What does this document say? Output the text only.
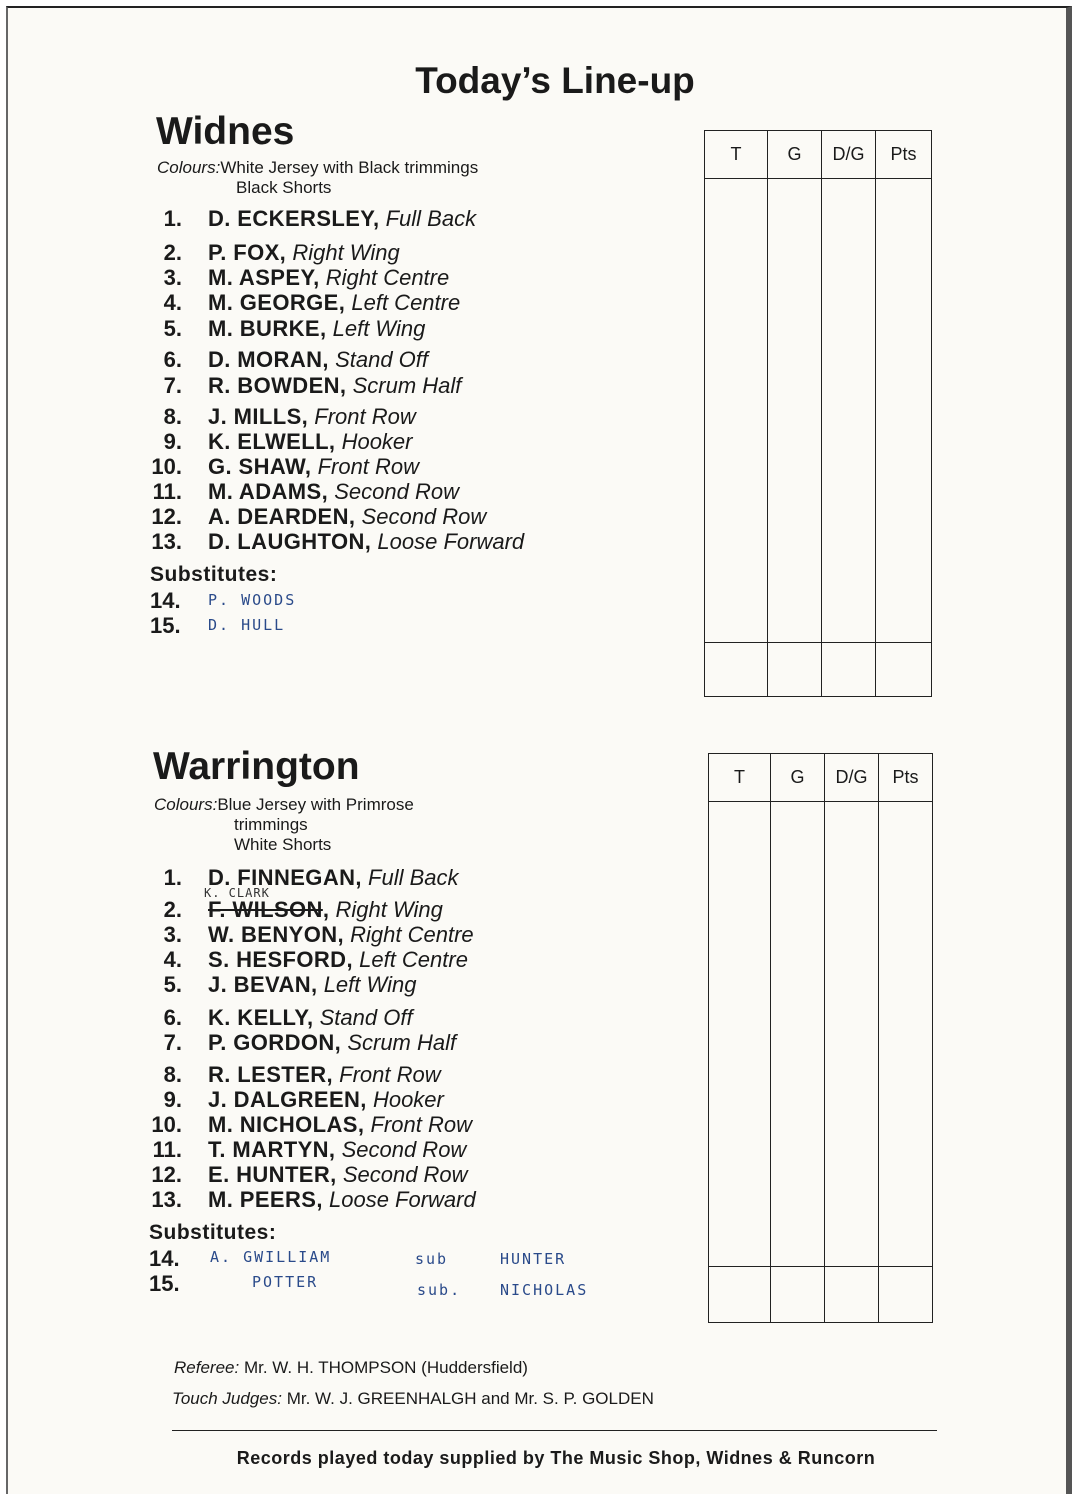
Today’s Line-up
Widnes
Colours:White Jersey with Black trimmings
Black Shorts
1. D. ECKERSLEY, Full Back
2. P. FOX, Right Wing
3. M. ASPEY, Right Centre
4. M. GEORGE, Left Centre
5. M. BURKE, Left Wing
6. D. MORAN, Stand Off
7. R. BOWDEN, Scrum Half
8. J. MILLS, Front Row
9. K. ELWELL, Hooker
10. G. SHAW, Front Row
11. M. ADAMS, Second Row
12. A. DEARDEN, Second Row
13. D. LAUGHTON, Loose Forward
Substitutes:
14. P. WOODS
15. D. HULL
T	G	D/G	Pts

Warrington
Colours:Blue Jersey with Primrose
trimmings
White Shorts
1. D. FINNEGAN, Full Back
2. F. WILSON, Right Wing
3. W. BENYON, Right Centre
4. S. HESFORD, Left Centre
5. J. BEVAN, Left Wing
6. K. KELLY, Stand Off
7. P. GORDON, Scrum Half
8. R. LESTER, Front Row
9. J. DALGREEN, Hooker
10. M. NICHOLAS, Front Row
11. T. MARTYN, Second Row
12. E. HUNTER, Second Row
13. M. PEERS, Loose Forward
K. CLARK
Substitutes:
14. A. GWILLIAM	sub	HUNTER
15.	POTTER	sub.	NICHOLAS
T	G	D/G	Pts

Referee: Mr. W. H. THOMPSON (Huddersfield)
Touch Judges: Mr. W. J. GREENHALGH and Mr. S. P. GOLDEN
Records played today supplied by The Music Shop, Widnes & Runcorn
